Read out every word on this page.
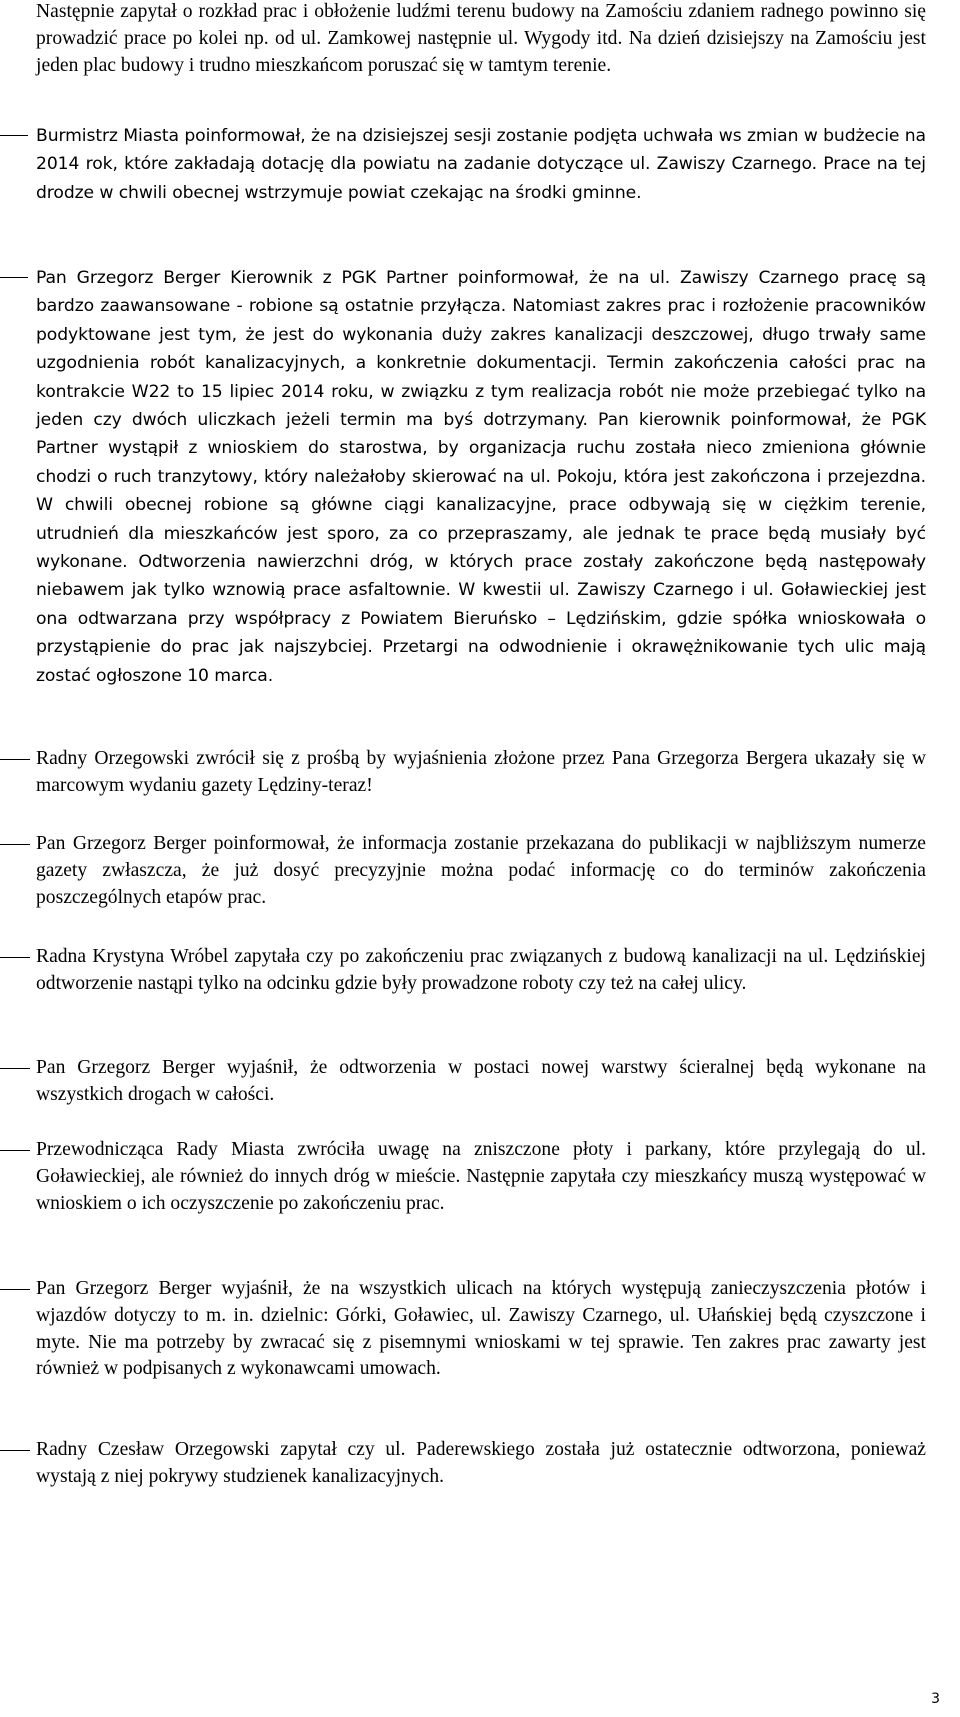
Następnie zapytał o rozkład prac i obłożenie ludźmi terenu budowy na Zamościu zdaniem radnego powinno się prowadzić prace po kolei np. od ul. Zamkowej następnie ul. Wygody itd. Na dzień dzisiejszy na Zamościu jest jeden plac budowy i trudno mieszkańcom poruszać się w tamtym terenie.

Burmistrz Miasta poinformował, że na dzisiejszej sesji zostanie podjęta uchwała ws zmian w budżecie na 2014 rok, które zakładają dotację dla powiatu na zadanie dotyczące ul. Zawiszy Czarnego. Prace na tej drodze w chwili obecnej wstrzymuje powiat czekając na środki gminne.

Pan Grzegorz Berger Kierownik z PGK Partner poinformował, że na ul. Zawiszy Czarnego pracę są bardzo zaawansowane - robione są ostatnie przyłącza. Natomiast zakres prac i rozłożenie pracowników podyktowane jest tym, że jest do wykonania duży zakres kanalizacji deszczowej, długo trwały same uzgodnienia robót kanalizacyjnych, a konkretnie dokumentacji. Termin zakończenia całości prac na kontrakcie W22 to 15 lipiec 2014 roku, w związku z tym realizacja robót nie może przebiegać tylko na jeden czy dwóch uliczkach jeżeli termin ma byś dotrzymany. Pan kierownik poinformował, że PGK Partner wystąpił z wnioskiem do starostwa, by organizacja ruchu została nieco zmieniona głównie chodzi o ruch tranzytowy, który należałoby skierować na ul. Pokoju, która jest zakończona i przejezdna. W chwili obecnej robione są główne ciągi kanalizacyjne, prace odbywają się w ciężkim terenie, utrudnień dla mieszkańców jest sporo, za co przepraszamy, ale jednak te prace będą musiały być wykonane. Odtworzenia nawierzchni dróg, w których prace zostały zakończone będą następowały niebawem jak tylko wznowią prace asfaltownie. W kwestii ul. Zawiszy Czarnego i ul. Goławieckiej jest ona odtwarzana przy współpracy z Powiatem Bieruńsko – Lędzińskim, gdzie spółka wnioskowała o przystąpienie do prac jak najszybciej. Przetargi na odwodnienie i okrawężnikowanie tych ulic mają zostać ogłoszone 10 marca.

Radny Orzegowski zwrócił się z prośbą by wyjaśnienia złożone przez Pana Grzegorza Bergera ukazały się w marcowym wydaniu gazety Lędziny-teraz!

Pan Grzegorz Berger poinformował, że informacja zostanie przekazana do publikacji w najbliższym numerze gazety zwłaszcza, że już dosyć precyzyjnie można podać informację co do terminów zakończenia poszczególnych etapów prac.

Radna Krystyna Wróbel zapytała czy po zakończeniu prac związanych z budową kanalizacji na ul. Lędzińskiej odtworzenie nastąpi tylko na odcinku gdzie były prowadzone roboty czy też na całej ulicy.

Pan Grzegorz Berger wyjaśnił, że odtworzenia w postaci nowej warstwy ścieralnej będą wykonane na wszystkich drogach w całości.

Przewodnicząca Rady Miasta zwróciła uwagę na zniszczone płoty i parkany, które przylegają do ul. Goławieckiej, ale również do innych dróg w mieście. Następnie zapytała czy mieszkańcy muszą występować w wnioskiem o ich oczyszczenie po zakończeniu prac.

Pan Grzegorz Berger wyjaśnił, że na wszystkich ulicach na których występują zanieczyszczenia płotów i wjazdów dotyczy to m. in. dzielnic: Górki, Goławiec, ul. Zawiszy Czarnego, ul. Ułańskiej będą czyszczone i myte. Nie ma potrzeby by zwracać się z pisemnymi wnioskami w tej sprawie. Ten zakres prac zawarty jest również w podpisanych z wykonawcami umowach.

Radny Czesław Orzegowski zapytał czy ul. Paderewskiego została już ostatecznie odtworzona, ponieważ wystają z niej pokrywy studzienek kanalizacyjnych.

3
